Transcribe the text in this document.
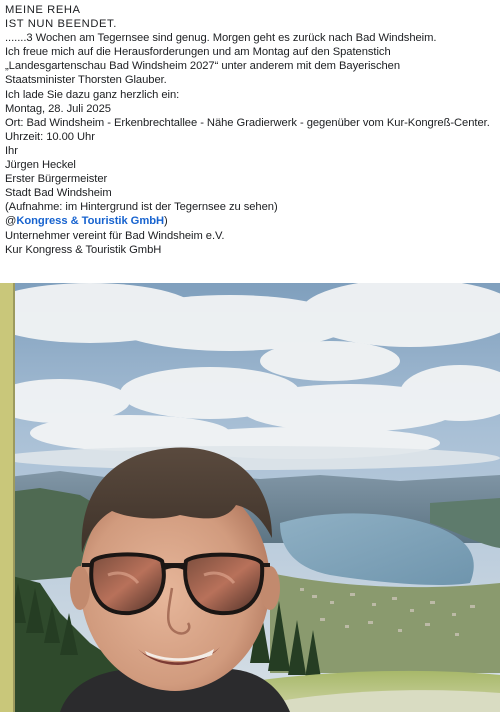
MEINE REHA
IST NUN BEENDET.
.......3 Wochen am Tegernsee sind genug. Morgen geht es zurück nach Bad Windsheim.
Ich freue mich auf die Herausforderungen und am Montag auf den Spatenstich
„Landesgartenschau Bad Windsheim 2027“ unter anderem mit dem Bayerischen
Staatsminister Thorsten Glauber.
Ich lade Sie dazu ganz herzlich ein:
Montag, 28. Juli 2025
Ort: Bad Windsheim - Erkenbrechtallee - Nähe Gradierwerk - gegenüber vom Kur-Kongreß-Center.
Uhrzeit: 10.00 Uhr
Ihr
Jürgen Heckel
Erster Bürgermeister
Stadt Bad Windsheim
(Aufnahme: im Hintergrund ist der Tegernsee zu sehen)
@Kongress & Touristik GmbH)
Unternehmer vereint für Bad Windsheim e.V.
Kur Kongress & Touristik GmbH
